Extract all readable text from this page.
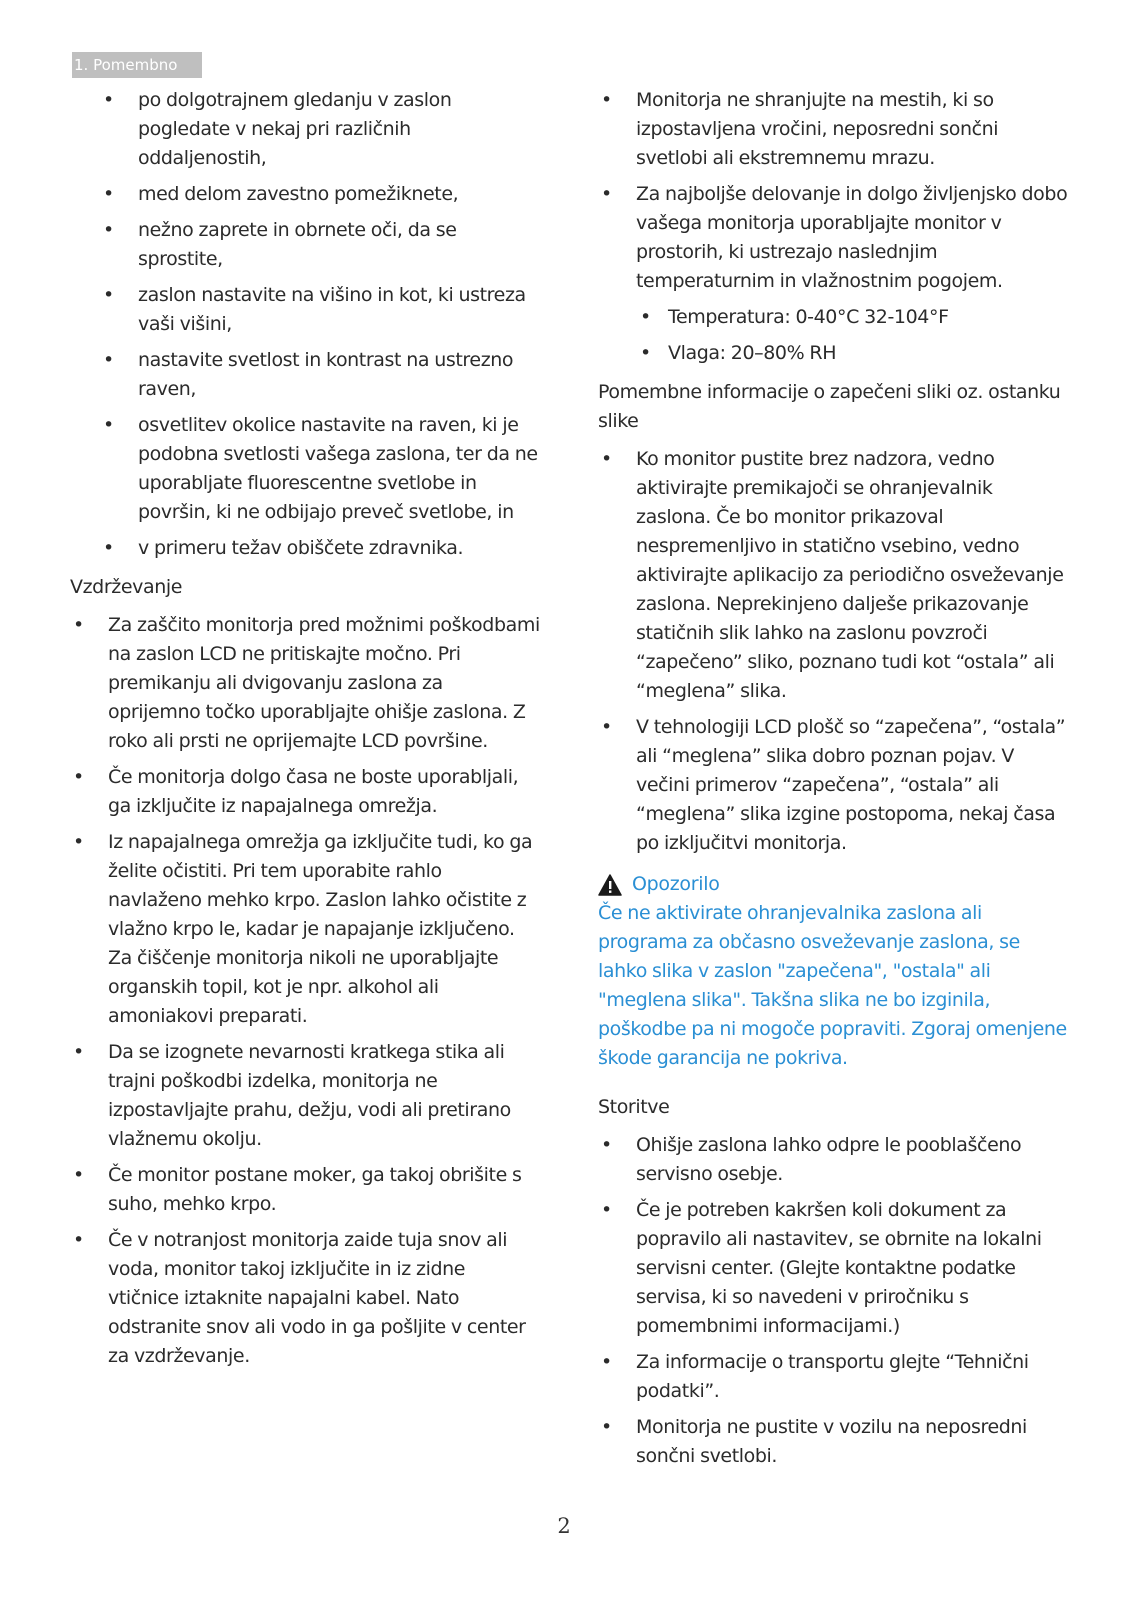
1. Pomembno
• po dolgotrajnem gledanju v zaslon pogledate v nekaj pri različnih oddaljenostih,
• med delom zavestno pomežiknete,
• nežno zaprete in obrnete oči, da se sprostite,
• zaslon nastavite na višino in kot, ki ustreza vaši višini,
• nastavite svetlost in kontrast na ustrezno raven,
• osvetlitev okolice nastavite na raven, ki je podobna svetlosti vašega zaslona, ter da ne uporabljate fluorescentne svetlobe in površin, ki ne odbijajo preveč svetlobe, in
• v primeru težav obiščete zdravnika.
Vzdrževanje
• Za zaščito monitorja pred možnimi poškodbami na zaslon LCD ne pritiskajte močno. Pri premikanju ali dvigovanju zaslona za oprijemno točko uporabljajte ohišje zaslona. Z roko ali prsti ne oprijemajte LCD površine.
• Če monitorja dolgo časa ne boste uporabljali, ga izključite iz napajalnega omrežja.
• Iz napajalnega omrežja ga izključite tudi, ko ga želite očistiti. Pri tem uporabite rahlo navlaženo mehko krpo. Zaslon lahko očistite z vlažno krpo le, kadar je napajanje izključeno. Za čiščenje monitorja nikoli ne uporabljajte organskih topil, kot je npr. alkohol ali amoniakovi preparati.
• Da se izognete nevarnosti kratkega stika ali trajni poškodbi izdelka, monitorja ne izpostavljajte prahu, dežju, vodi ali pretirano vlažnemu okolju.
• Če monitor postane moker, ga takoj obrišite s suho, mehko krpo.
• Če v notranjost monitorja zaide tuja snov ali voda, monitor takoj izključite in iz zidne vtičnice iztaknite napajalni kabel. Nato odstranite snov ali vodo in ga pošljite v center za vzdrževanje.
• Monitorja ne shranjujte na mestih, ki so izpostavljena vročini, neposredni sončni svetlobi ali ekstremnemu mrazu.
• Za najboljše delovanje in dolgo življenjsko dobo vašega monitorja uporabljajte monitor v prostorih, ki ustrezajo naslednjim temperaturnim in vlažnostnim pogojem.
• Temperatura: 0-40°C 32-104°F
• Vlaga: 20–80% RH
Pomembne informacije o zapečeni sliki oz. ostanku slike
• Ko monitor pustite brez nadzora, vedno aktivirajte premikajoči se ohranjevalnik zaslona. Če bo monitor prikazoval nespremenljivo in statično vsebino, vedno aktivirajte aplikacijo za periodično osveževanje zaslona. Neprekinjeno dalješe prikazovanje statičnih slik lahko na zaslonu povzroči “zapečeno” sliko, poznano tudi kot “ostala” ali “meglena” slika.
• V tehnologiji LCD plošč so “zapečena”, “ostala” ali “meglena” slika dobro poznan pojav. V večini primerov “zapečena”, “ostala” ali “meglena” slika izgine postopoma, nekaj časa po izključitvi monitorja.
Opozorilo
Če ne aktivirate ohranjevalnika zaslona ali programa za občasno osveževanje zaslona, se lahko slika v zaslon "zapečena", "ostala" ali "meglena slika". Takšna slika ne bo izginila, poškodbe pa ni mogoče popraviti. Zgoraj omenjene škode garancija ne pokriva.
Storitve
• Ohišje zaslona lahko odpre le pooblaščeno servisno osebje.
• Če je potreben kakršen koli dokument za popravilo ali nastavitev, se obrnite na lokalni servisni center. (Glejte kontaktne podatke servisa, ki so navedeni v priročniku s pomembnimi informacijami.)
• Za informacije o transportu glejte “Tehnični podatki”.
• Monitorja ne pustite v vozilu na neposredni sončni svetlobi.
2
